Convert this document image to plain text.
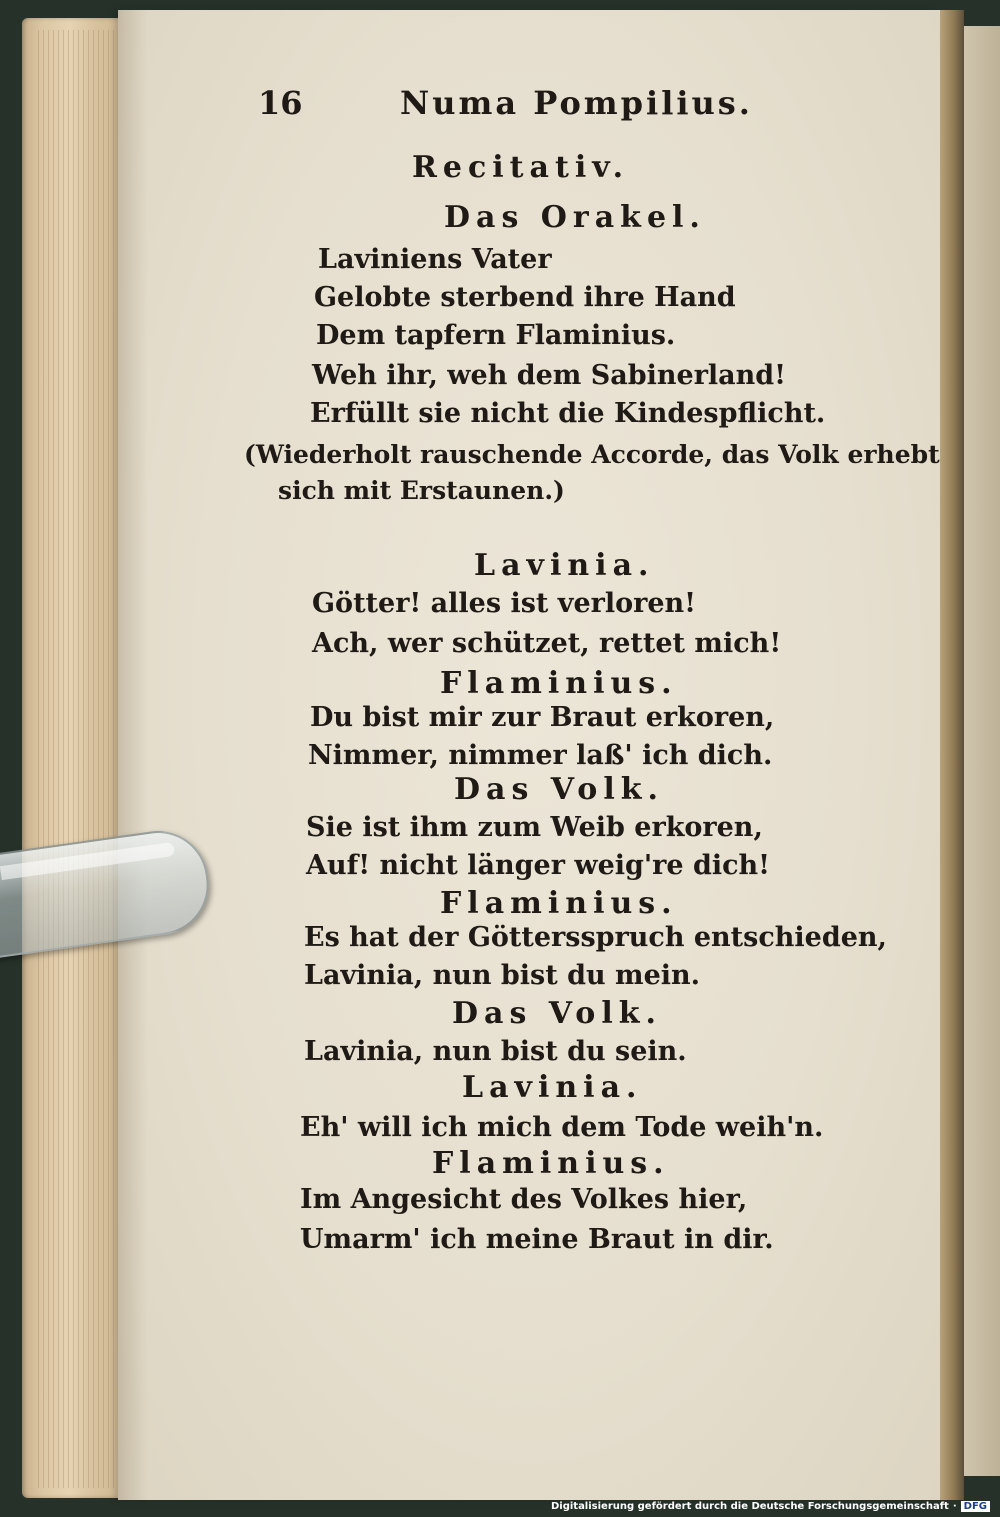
16	Numa Pompilius.
Recitativ.
Das Orakel.
Laviniens Vater
Gelobte sterbend ihre Hand
Dem tapfern Flaminius.
Weh ihr, weh dem Sabinerland!
Erfüllt sie nicht die Kindespflicht.
(Wiederholt rauschende Accorde, das Volk erhebt
sich mit Erstaunen.)
Lavinia.
Götter! alles ist verloren!
Ach, wer schützet, rettet mich!
Flaminius.
Du bist mir zur Braut erkoren,
Nimmer, nimmer laß' ich dich.
Das Volk.
Sie ist ihm zum Weib erkoren,
Auf! nicht länger weig're dich!
Flaminius.
Es hat der Göttersspruch entschieden,
Lavinia, nun bist du mein.
Das Volk.
Lavinia, nun bist du sein.
Lavinia.
Eh' will ich mich dem Tode weih'n.
Flaminius.
Im Angesicht des Volkes hier,
Umarm' ich meine Braut in dir.
Digitalisierung gefördert durch die Deutsche Forschungsgemeinschaft · DFG
